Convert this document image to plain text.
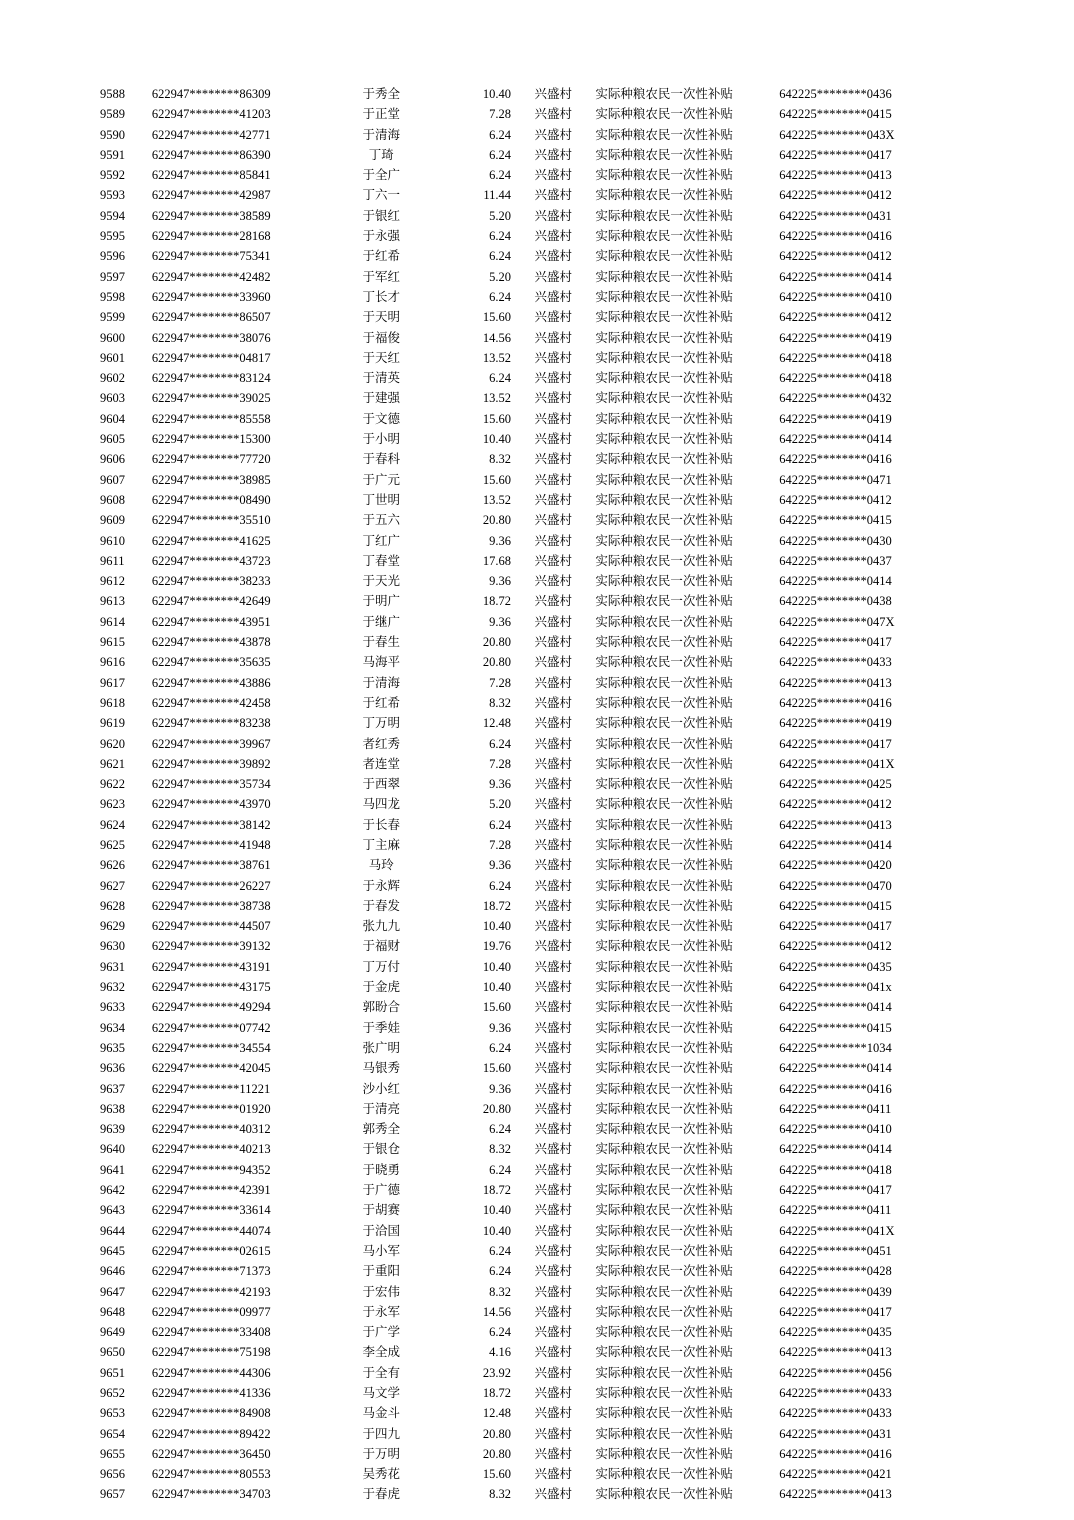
9588	622947********86309	于秀全	10.40	兴盛村	实际种粮农民一次性补贴	642225********0436
9589	622947********41203	于正堂	7.28	兴盛村	实际种粮农民一次性补贴	642225********0415
9590	622947********42771	于清海	6.24	兴盛村	实际种粮农民一次性补贴	642225********043X
9591	622947********86390	丁琦	6.24	兴盛村	实际种粮农民一次性补贴	642225********0417
9592	622947********85841	于全广	6.24	兴盛村	实际种粮农民一次性补贴	642225********0413
9593	622947********42987	丁六一	11.44	兴盛村	实际种粮农民一次性补贴	642225********0412
9594	622947********38589	于银红	5.20	兴盛村	实际种粮农民一次性补贴	642225********0431
9595	622947********28168	于永强	6.24	兴盛村	实际种粮农民一次性补贴	642225********0416
9596	622947********75341	于红希	6.24	兴盛村	实际种粮农民一次性补贴	642225********0412
9597	622947********42482	于军红	5.20	兴盛村	实际种粮农民一次性补贴	642225********0414
9598	622947********33960	丁长才	6.24	兴盛村	实际种粮农民一次性补贴	642225********0410
9599	622947********86507	于天明	15.60	兴盛村	实际种粮农民一次性补贴	642225********0412
9600	622947********38076	于福俊	14.56	兴盛村	实际种粮农民一次性补贴	642225********0419
9601	622947********04817	于天红	13.52	兴盛村	实际种粮农民一次性补贴	642225********0418
9602	622947********83124	于清英	6.24	兴盛村	实际种粮农民一次性补贴	642225********0418
9603	622947********39025	于建强	13.52	兴盛村	实际种粮农民一次性补贴	642225********0432
9604	622947********85558	于文德	15.60	兴盛村	实际种粮农民一次性补贴	642225********0419
9605	622947********15300	于小明	10.40	兴盛村	实际种粮农民一次性补贴	642225********0414
9606	622947********77720	于春科	8.32	兴盛村	实际种粮农民一次性补贴	642225********0416
9607	622947********38985	于广元	15.60	兴盛村	实际种粮农民一次性补贴	642225********0471
9608	622947********08490	丁世明	13.52	兴盛村	实际种粮农民一次性补贴	642225********0412
9609	622947********35510	于五六	20.80	兴盛村	实际种粮农民一次性补贴	642225********0415
9610	622947********41625	丁红广	9.36	兴盛村	实际种粮农民一次性补贴	642225********0430
9611	622947********43723	丁春堂	17.68	兴盛村	实际种粮农民一次性补贴	642225********0437
9612	622947********38233	于天光	9.36	兴盛村	实际种粮农民一次性补贴	642225********0414
9613	622947********42649	于明广	18.72	兴盛村	实际种粮农民一次性补贴	642225********0438
9614	622947********43951	于继广	9.36	兴盛村	实际种粮农民一次性补贴	642225********047X
9615	622947********43878	于春生	20.80	兴盛村	实际种粮农民一次性补贴	642225********0417
9616	622947********35635	马海平	20.80	兴盛村	实际种粮农民一次性补贴	642225********0433
9617	622947********43886	于清海	7.28	兴盛村	实际种粮农民一次性补贴	642225********0413
9618	622947********42458	于红希	8.32	兴盛村	实际种粮农民一次性补贴	642225********0416
9619	622947********83238	丁万明	12.48	兴盛村	实际种粮农民一次性补贴	642225********0419
9620	622947********39967	者红秀	6.24	兴盛村	实际种粮农民一次性补贴	642225********0417
9621	622947********39892	者连堂	7.28	兴盛村	实际种粮农民一次性补贴	642225********041X
9622	622947********35734	于西翠	9.36	兴盛村	实际种粮农民一次性补贴	642225********0425
9623	622947********43970	马四龙	5.20	兴盛村	实际种粮农民一次性补贴	642225********0412
9624	622947********38142	于长春	6.24	兴盛村	实际种粮农民一次性补贴	642225********0413
9625	622947********41948	丁主麻	7.28	兴盛村	实际种粮农民一次性补贴	642225********0414
9626	622947********38761	马玲	9.36	兴盛村	实际种粮农民一次性补贴	642225********0420
9627	622947********26227	于永辉	6.24	兴盛村	实际种粮农民一次性补贴	642225********0470
9628	622947********38738	于春发	18.72	兴盛村	实际种粮农民一次性补贴	642225********0415
9629	622947********44507	张九九	10.40	兴盛村	实际种粮农民一次性补贴	642225********0417
9630	622947********39132	于福财	19.76	兴盛村	实际种粮农民一次性补贴	642225********0412
9631	622947********43191	丁万付	10.40	兴盛村	实际种粮农民一次性补贴	642225********0435
9632	622947********43175	于金虎	10.40	兴盛村	实际种粮农民一次性补贴	642225********041x
9633	622947********49294	郭盼合	15.60	兴盛村	实际种粮农民一次性补贴	642225********0414
9634	622947********07742	于季娃	9.36	兴盛村	实际种粮农民一次性补贴	642225********0415
9635	622947********34554	张广明	6.24	兴盛村	实际种粮农民一次性补贴	642225********1034
9636	622947********42045	马银秀	15.60	兴盛村	实际种粮农民一次性补贴	642225********0414
9637	622947********11221	沙小红	9.36	兴盛村	实际种粮农民一次性补贴	642225********0416
9638	622947********01920	于清亮	20.80	兴盛村	实际种粮农民一次性补贴	642225********0411
9639	622947********40312	郭秀全	6.24	兴盛村	实际种粮农民一次性补贴	642225********0410
9640	622947********40213	于银仓	8.32	兴盛村	实际种粮农民一次性补贴	642225********0414
9641	622947********94352	于晓勇	6.24	兴盛村	实际种粮农民一次性补贴	642225********0418
9642	622947********42391	于广德	18.72	兴盛村	实际种粮农民一次性补贴	642225********0417
9643	622947********33614	于胡赛	10.40	兴盛村	实际种粮农民一次性补贴	642225********0411
9644	622947********44074	于洽国	10.40	兴盛村	实际种粮农民一次性补贴	642225********041X
9645	622947********02615	马小军	6.24	兴盛村	实际种粮农民一次性补贴	642225********0451
9646	622947********71373	于重阳	6.24	兴盛村	实际种粮农民一次性补贴	642225********0428
9647	622947********42193	于宏伟	8.32	兴盛村	实际种粮农民一次性补贴	642225********0439
9648	622947********09977	于永军	14.56	兴盛村	实际种粮农民一次性补贴	642225********0417
9649	622947********33408	于广学	6.24	兴盛村	实际种粮农民一次性补贴	642225********0435
9650	622947********75198	李全成	4.16	兴盛村	实际种粮农民一次性补贴	642225********0413
9651	622947********44306	于全有	23.92	兴盛村	实际种粮农民一次性补贴	642225********0456
9652	622947********41336	马文学	18.72	兴盛村	实际种粮农民一次性补贴	642225********0433
9653	622947********84908	马金斗	12.48	兴盛村	实际种粮农民一次性补贴	642225********0433
9654	622947********89422	于四九	20.80	兴盛村	实际种粮农民一次性补贴	642225********0431
9655	622947********36450	于万明	20.80	兴盛村	实际种粮农民一次性补贴	642225********0416
9656	622947********80553	吴秀花	15.60	兴盛村	实际种粮农民一次性补贴	642225********0421
9657	622947********34703	于春虎	8.32	兴盛村	实际种粮农民一次性补贴	642225********0413
